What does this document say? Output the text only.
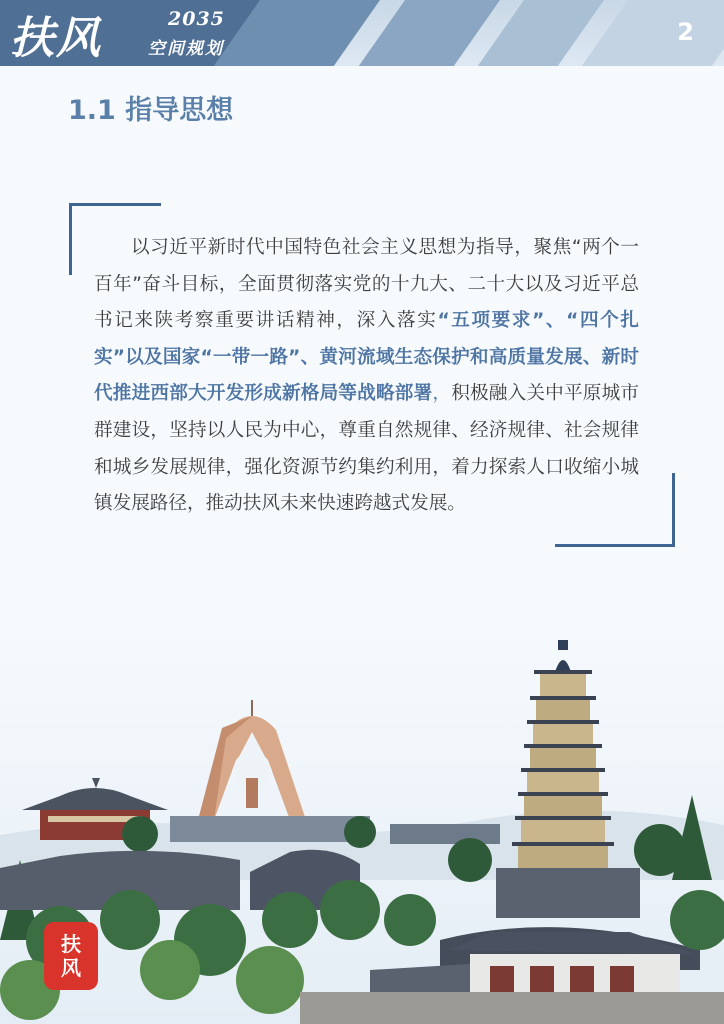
扶风	2035
空间规划
2
1.1 指导思想

以习近平新时代中国特色社会主义思想为指导，聚焦“两个一百年”奋斗目标，全面贯彻落实党的十九大、二十大以及习近平总书记来陕考察重要讲话精神，深入落实“五项要求”、“四个扎实”以及国家“一带一路”、黄河流域生态保护和高质量发展、新时代推进西部大开发形成新格局等战略部署，积极融入关中平原城市群建设，坚持以人民为中心，尊重自然规律、经济规律、社会规律和城乡发展规律，强化资源节约集约利用，着力探索人口收缩小城镇发展路径，推动扶风未来快速跨越式发展。

扶
风
